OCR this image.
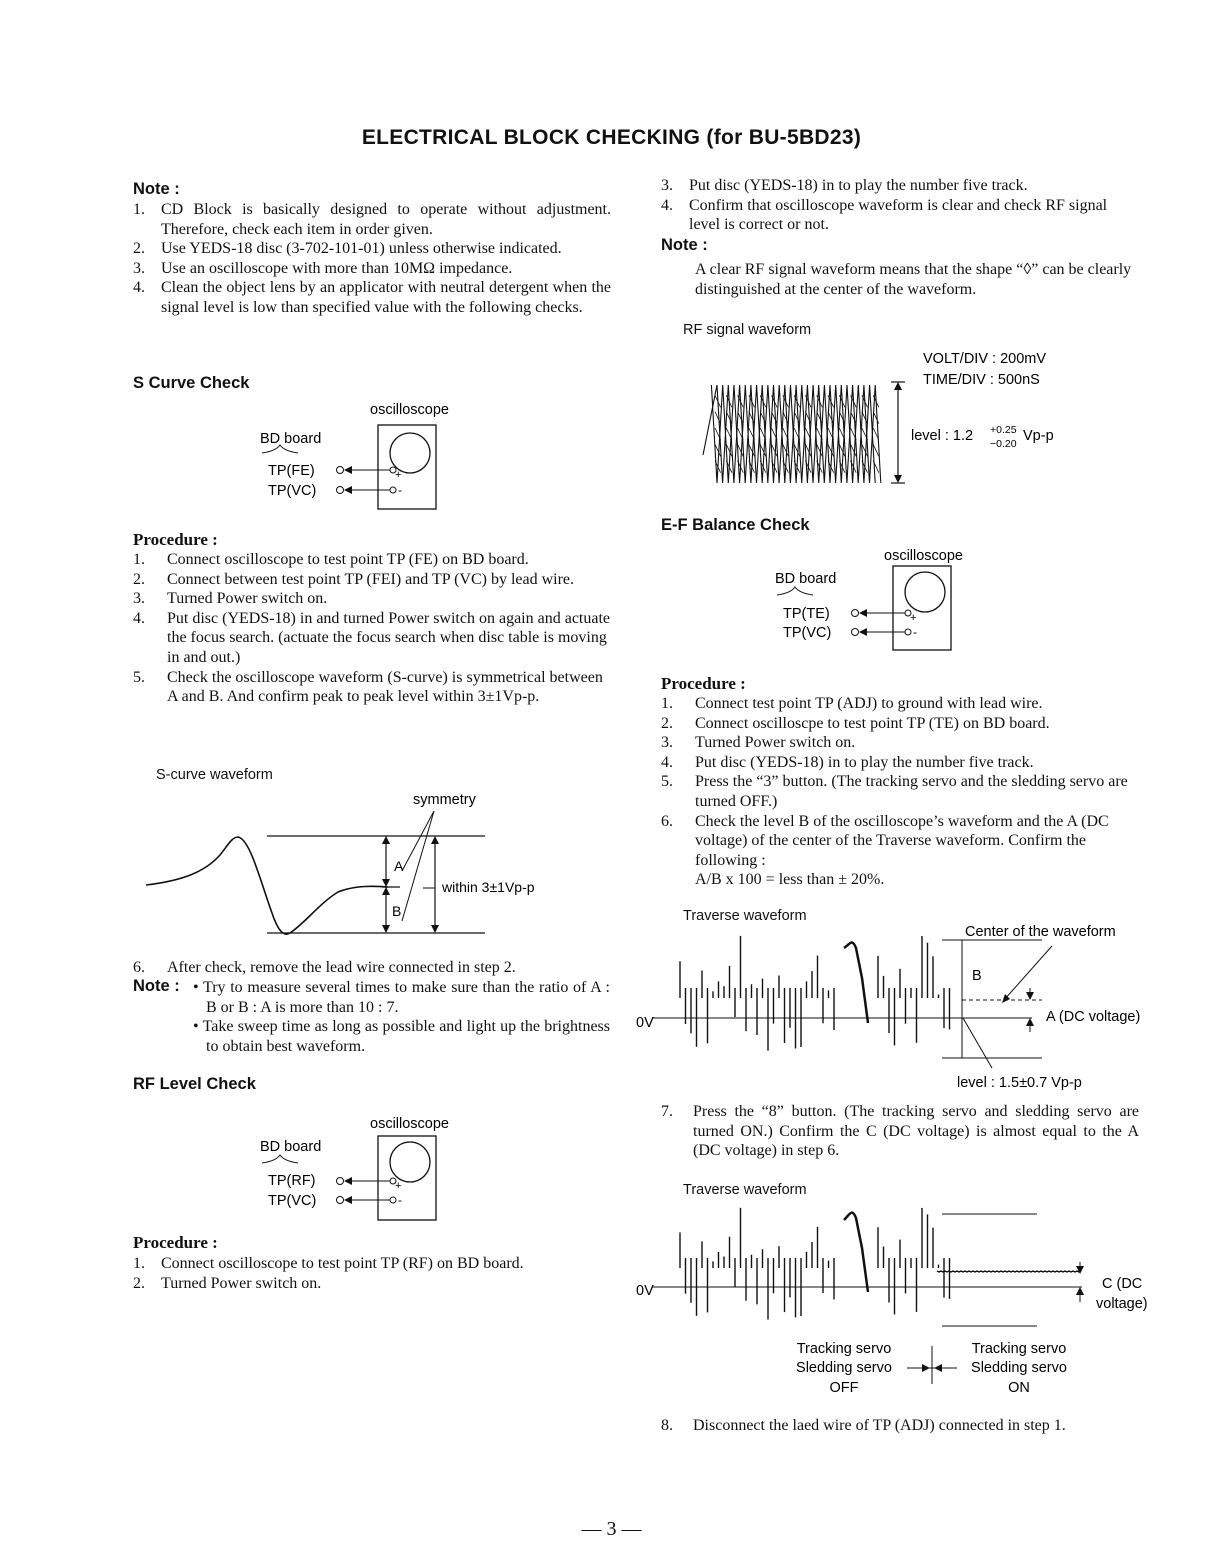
ELECTRICAL BLOCK CHECKING (for BU-5BD23)
Note :
1. CD Block is basically designed to operate without adjustment. Therefore, check each item in order given.
2. Use YEDS-18 disc (3-702-101-01) unless otherwise indicated.
3. Use an oscilloscope with more than 10MΩ impedance.
4. Clean the object lens by an applicator with neutral detergent when the signal level is low than specified value with the following checks.
S Curve Check
oscilloscope
BD board
TP(FE)
TP(VC)
+
-
Procedure :
1. Connect oscilloscope to test point TP (FE) on BD board.
2. Connect between test point TP (FEI) and TP (VC) by lead wire.
3. Turned Power switch on.
4. Put disc (YEDS-18) in and turned Power switch on again and actuate the focus search. (actuate the focus search when disc table is moving in and out.)
5. Check the oscilloscope waveform (S-curve) is symmetrical between A and B. And confirm peak to peak level within 3±1Vp-p.
S-curve waveform
symmetry
A
B
within 3±1Vp-p
6. After check, remove the lead wire connected in step 2.
Note : • Try to measure several times to make sure than the ratio of A : B or B : A is more than 10 : 7.
• Take sweep time as long as possible and light up the brightness to obtain best waveform.
RF Level Check
oscilloscope
BD board
TP(RF)
TP(VC)
+
-
Procedure :
1. Connect oscilloscope to test point TP (RF) on BD board.
2. Turned Power switch on.
3. Put disc (YEDS-18) in to play the number five track.
4. Confirm that oscilloscope waveform is clear and check RF signal level is correct or not.
Note :
A clear RF signal waveform means that the shape “◊” can be clearly distinguished at the center of the waveform.
RF signal waveform
VOLT/DIV : 200mV
TIME/DIV : 500nS
level : 1.2 +0.25
−0.20 Vp-p
E-F Balance Check
oscilloscope
BD board
TP(TE)
TP(VC)
+
-
Procedure :
1. Connect test point TP (ADJ) to ground with lead wire.
2. Connect oscilloscpe to test point TP (TE) on BD board.
3. Turned Power switch on.
4. Put disc (YEDS-18) in to play the number five track.
5. Press the “3” button. (The tracking servo and the sledding servo are turned OFF.)
6. Check the level B of the oscilloscope’s waveform and the A (DC voltage) of the center of the Traverse waveform. Confirm the following :
A/B x 100 = less than ± 20%.
Traverse waveform
Center of the waveform
0V
B
A (DC voltage)
level : 1.5±0.7 Vp-p
7. Press the “8” button. (The tracking servo and sledding servo are turned ON.) Confirm the C (DC voltage) is almost equal to the A (DC voltage) in step 6.
Traverse waveform
0V	C (DC
voltage)
Tracking servo
Sledding servo
OFF
Tracking servo
Sledding servo
ON
8. Disconnect the laed wire of TP (ADJ) connected in step 1.
— 3 —
